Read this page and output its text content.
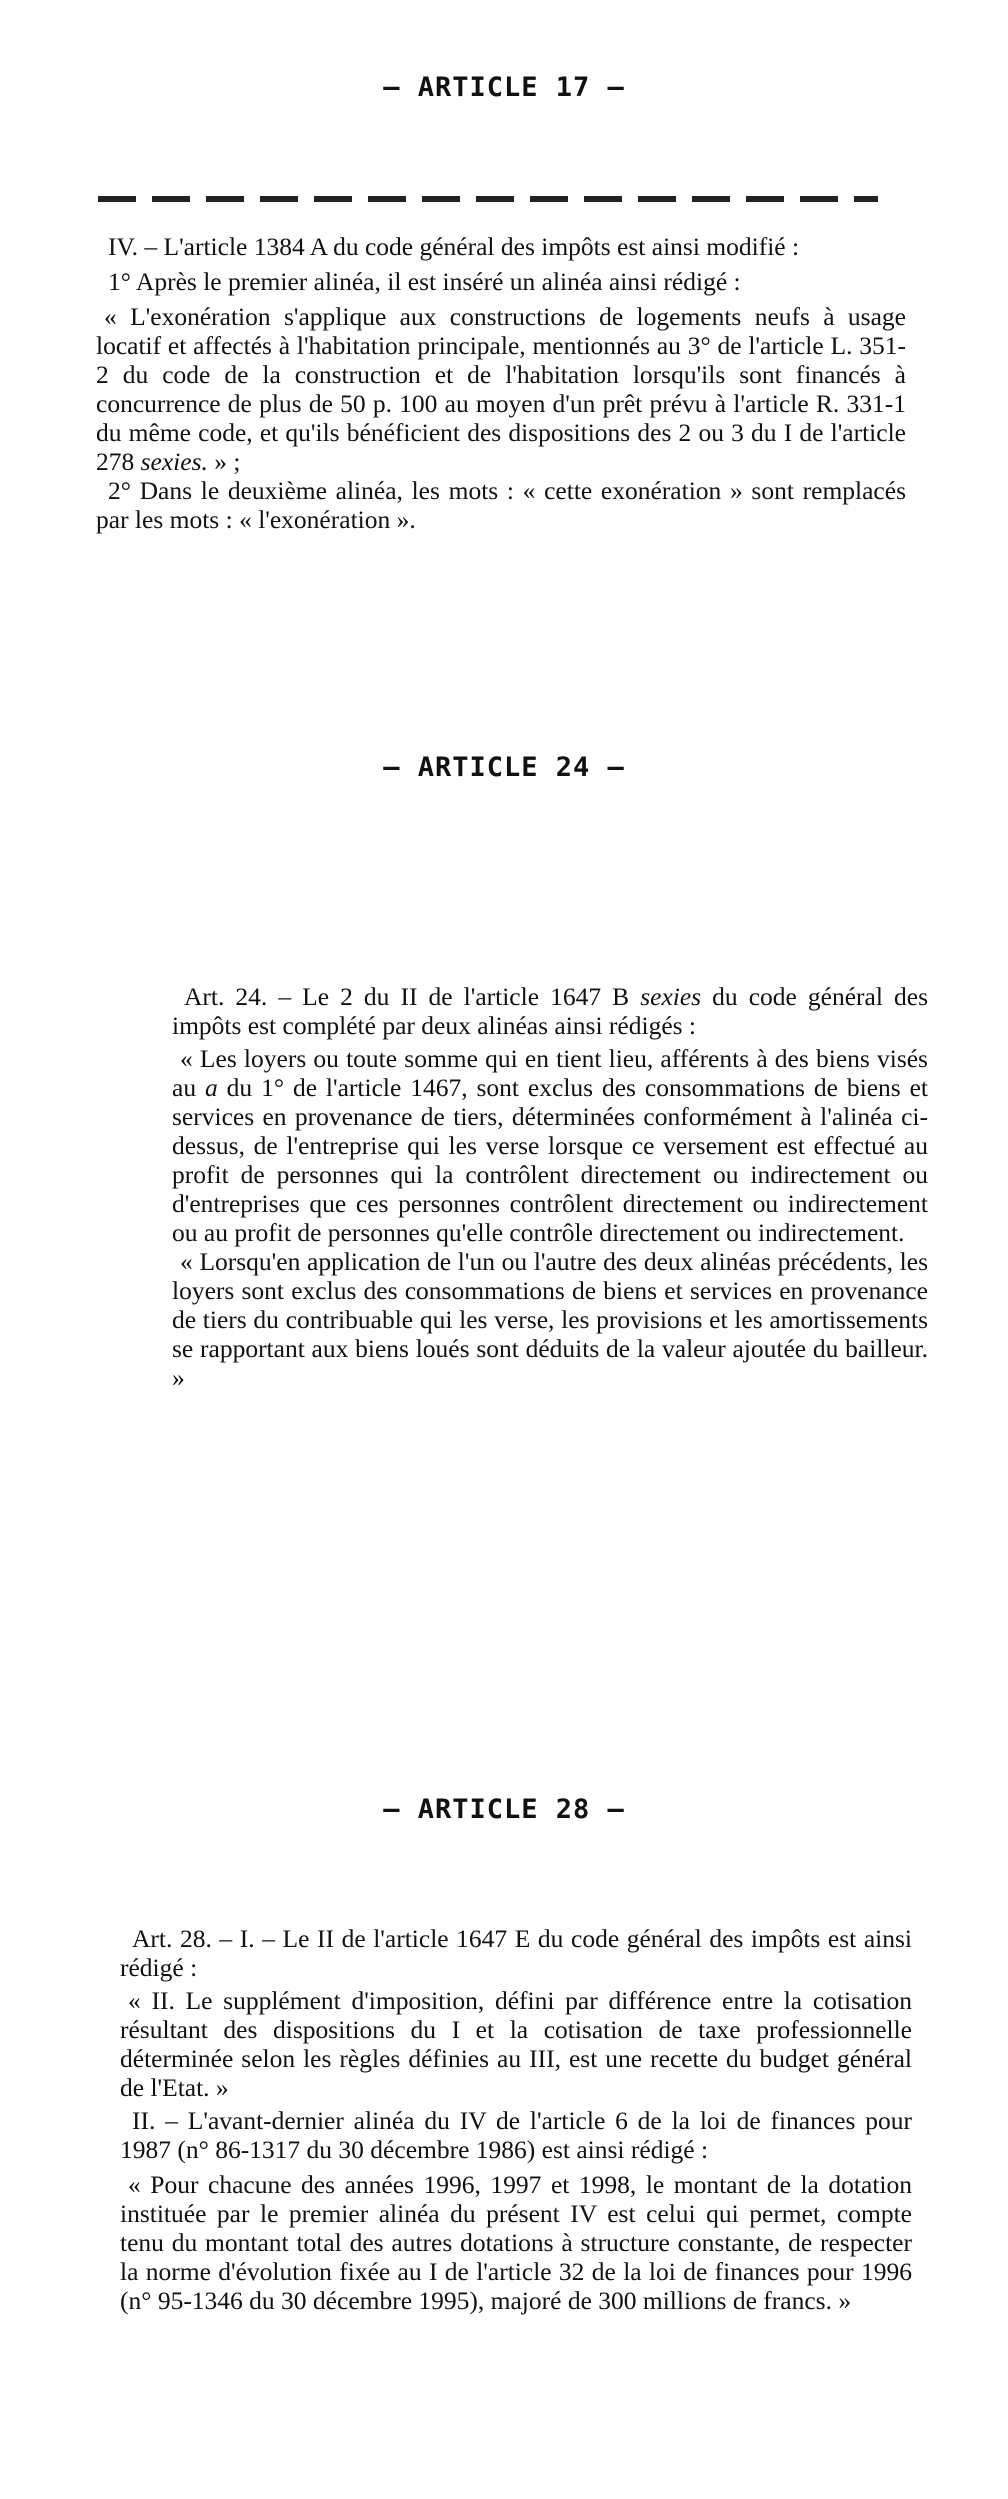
– ARTICLE 17 –

IV. – L'article 1384 A du code général des impôts est ainsi modifié :

1° Après le premier alinéa, il est inséré un alinéa ainsi rédigé :

« L'exonération s'applique aux constructions de logements neufs à usage locatif et affectés à l'habitation principale, mentionnés au 3° de l'article L. 351-2 du code de la construction et de l'habitation lorsqu'ils sont financés à concurrence de plus de 50 p. 100 au moyen d'un prêt prévu à l'article R. 331-1 du même code, et qu'ils bénéficient des dispositions des 2 ou 3 du I de l'article 278 sexies. » ;

2° Dans le deuxième alinéa, les mots : « cette exonération » sont remplacés par les mots : « l'exonération ».

– ARTICLE 24 –

Art. 24. – Le 2 du II de l'article 1647 B sexies du code général des impôts est complété par deux alinéas ainsi rédigés :

« Les loyers ou toute somme qui en tient lieu, afférents à des biens visés au a du 1° de l'article 1467, sont exclus des consommations de biens et services en provenance de tiers, déterminées conformément à l'alinéa ci-dessus, de l'entreprise qui les verse lorsque ce versement est effectué au profit de personnes qui la contrôlent directement ou indirectement ou d'entreprises que ces personnes contrôlent directement ou indirectement ou au profit de personnes qu'elle contrôle directement ou indirectement.

« Lorsqu'en application de l'un ou l'autre des deux alinéas précédents, les loyers sont exclus des consommations de biens et services en provenance de tiers du contribuable qui les verse, les provisions et les amortissements se rapportant aux biens loués sont déduits de la valeur ajoutée du bailleur. »

– ARTICLE 28 –

Art. 28. – I. – Le II de l'article 1647 E du code général des impôts est ainsi rédigé :

« II. Le supplément d'imposition, défini par différence entre la cotisation résultant des dispositions du I et la cotisation de taxe professionnelle déterminée selon les règles définies au III, est une recette du budget général de l'Etat. »

II. – L'avant-dernier alinéa du IV de l'article 6 de la loi de finances pour 1987 (n° 86-1317 du 30 décembre 1986) est ainsi rédigé :

« Pour chacune des années 1996, 1997 et 1998, le montant de la dotation instituée par le premier alinéa du présent IV est celui qui permet, compte tenu du montant total des autres dotations à structure constante, de respecter la norme d'évolution fixée au I de l'article 32 de la loi de finances pour 1996 (n° 95-1346 du 30 décembre 1995), majoré de 300 millions de francs. »
